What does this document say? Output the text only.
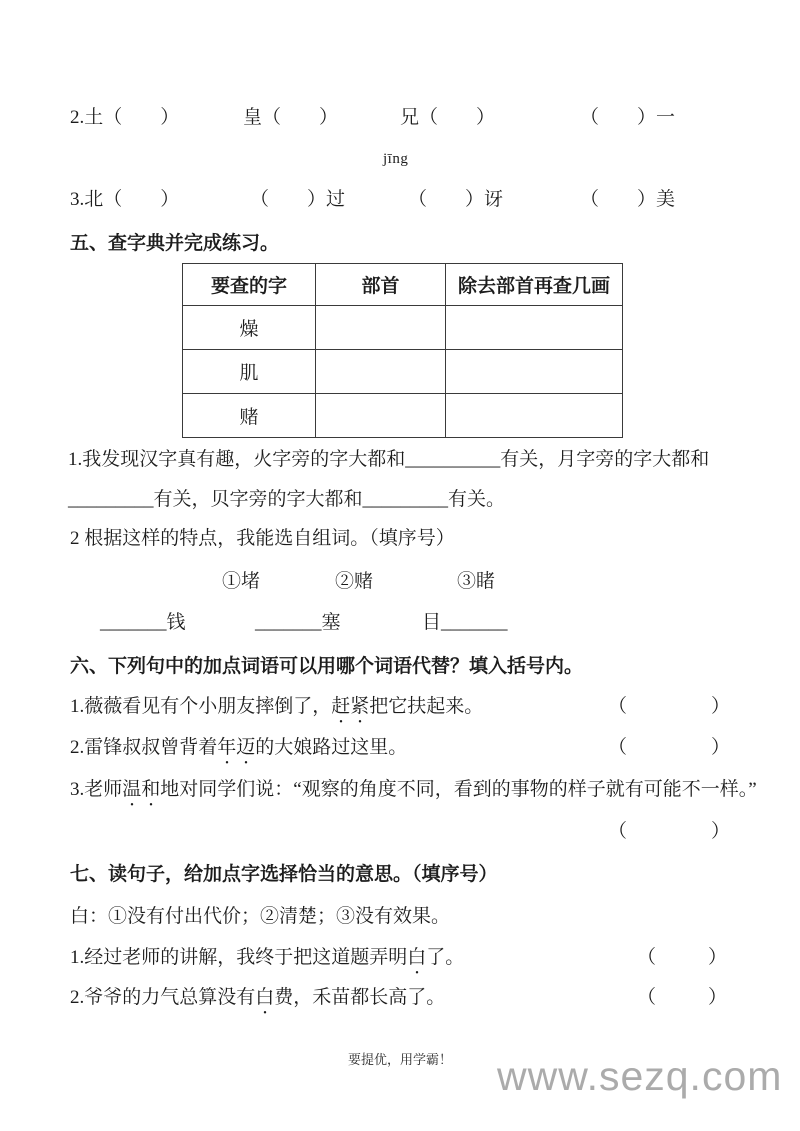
2.土（　　）	皇（　　）	兄（　　）	（　　）一
jīng
3.北（　　）	（　　）过	（　　）讶	（　　）美
五、查字典并完成练习。
要查的字	部首	除去部首再查几画
燥		
肌		
赌		
1.我发现汉字真有趣，火字旁的字大都和__________有关，月字旁的字大都和
_________有关，贝字旁的字大都和_________有关。
2 根据这样的特点，我能选自组词。（填序号）
①堵	②赌	③睹
_______钱	_______塞	目_______
六、下列句中的加点词语可以用哪个词语代替？填入括号内。
1.薇薇看见有个小朋友摔倒了，赶紧把它扶起来。	（	）
2.雷锋叔叔曾背着年迈的大娘路过这里。	（	）
3.老师温和地对同学们说：“观察的角度不同，看到的事物的样子就有可能不一样。”
（	）
七、读句子，给加点字选择恰当的意思。（填序号）
白：①没有付出代价；②清楚；③没有效果。
1.经过老师的讲解，我终于把这道题弄明白了。	（	）
2.爷爷的力气总算没有白费，禾苗都长高了。	（	）
要提优，用学霸！	www.sezq.com
